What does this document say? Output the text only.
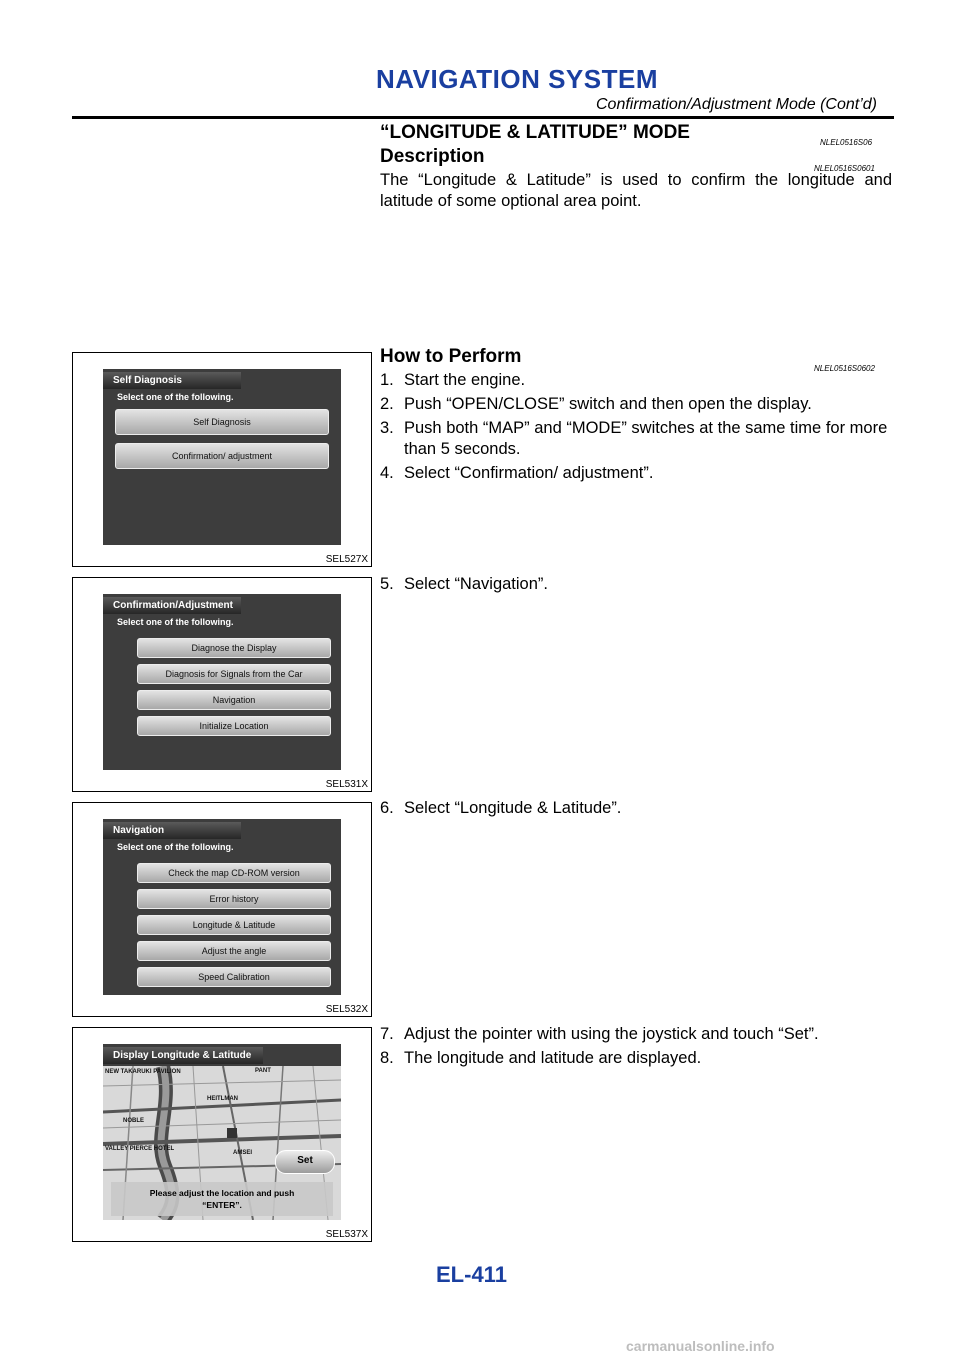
NAVIGATION SYSTEM
Confirmation/Adjustment Mode (Cont’d)
“LONGITUDE & LATITUDE” MODE	NLEL0516S06
Description
NLEL0516S0601

The “Longitude & Latitude” is used to confirm the longitude and latitude of some optional area point.

How to Perform
NLEL0516S0602
1. Start the engine.
2. Push “OPEN/CLOSE” switch and then open the display.
3. Push both “MAP” and “MODE” switches at the same time for more than 5 seconds.
4. Select “Confirmation/ adjustment”.
5. Select “Navigation”.
6. Select “Longitude & Latitude”.
7. Adjust the pointer with using the joystick and touch “Set”.
8. The longitude and latitude are displayed.
Self Diagnosis
Select one of the following.
Self Diagnosis
Confirmation/ adjustment
SEL527X
Confirmation/Adjustment
Select one of the following.
Diagnose the Display
Diagnosis for Signals from the Car
Navigation
Initialize Location
SEL531X
Navigation
Select one of the following.
Check the map CD-ROM version
Error history
Longitude & Latitude
Adjust the angle
Speed Calibration
SEL532X
Display Longitude & Latitude
NEW TAKARUKI PAVILION	PANT
HEITLMAN
NOBLE
VALLEY PIERCE HOTEL
AMSEI
Set
Please adjust the location and push
“ENTER”.
SEL537X
EL-411
carmanualsonline.info
